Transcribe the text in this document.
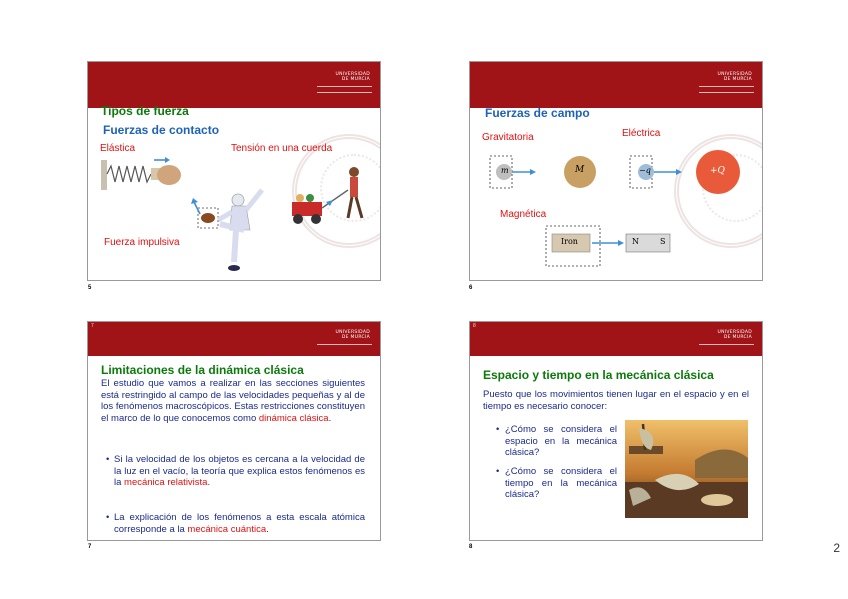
UNIVERSIDAD DE MURCIA
Tipos de fuerza
Fuerzas de contacto
Elástica	Tensión en una cuerda
Fuerza impulsiva
5
UNIVERSIDAD DE MURCIA
Fuerzas de campo
Gravitatoria	Eléctrica
Magnética
m	M	−q	+Q
Iron	N	S
6
7
UNIVERSIDAD DE MURCIA
Limitaciones de la dinámica clásica
El estudio que vamos a realizar en las secciones siguientes está restringido al campo de las velocidades pequeñas y al de los fenómenos macroscópicos. Estas restricciones constituyen el marco de lo que conocemos como dinámica clásica.
• Si la velocidad de los objetos es cercana a la velocidad de la luz en el vacío, la teoría que explica estos fenómenos es la mecánica relativista.
• La explicación de los fenómenos a esta escala atómica corresponde a la mecánica cuántica.
7
8
UNIVERSIDAD DE MURCIA
Espacio y tiempo en la mecánica clásica
Puesto que los movimientos tienen lugar en el espacio y en el tiempo es necesario conocer:
¿Cómo se considera el espacio en la mecánica clásica?
¿Cómo se considera el tiempo en la mecánica clásica?
•
•
8	2
